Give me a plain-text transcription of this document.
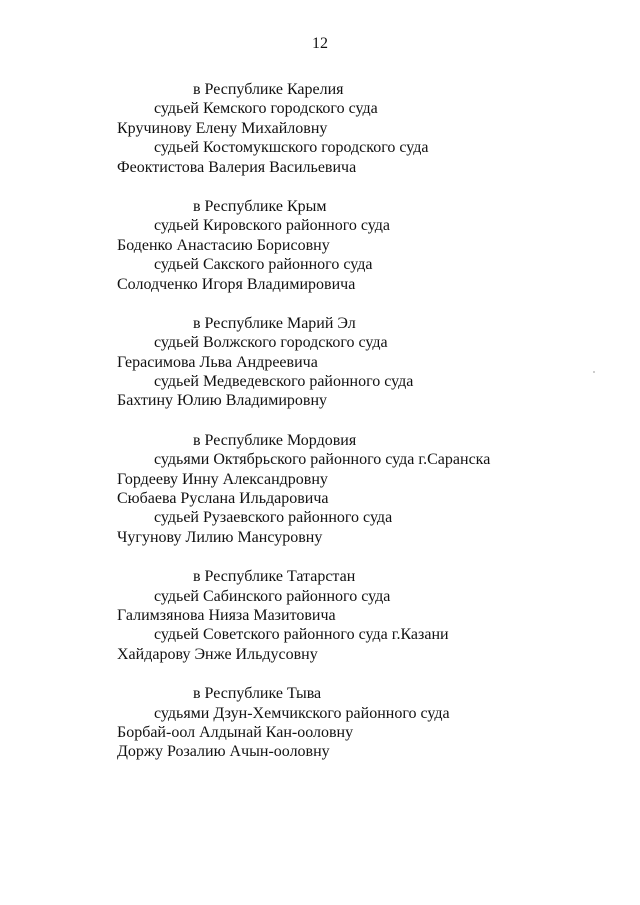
12
в Республике Карелия
судьей Кемского городского суда
Кручинову Елену Михайловну
судьей Костомукшского городского суда
Феоктистова Валерия Васильевича
в Республике Крым
судьей Кировского районного суда
Боденко Анастасию Борисовну
судьей Сакского районного суда
Солодченко Игоря Владимировича
в Республике Марий Эл
судьей Волжского городского суда
Герасимова Льва Андреевича
судьей Медведевского районного суда
Бахтину Юлию Владимировну
в Республике Мордовия
судьями Октябрьского районного суда г.Саранска
Гордееву Инну Александровну
Сюбаева Руслана Ильдаровича
судьей Рузаевского районного суда
Чугунову Лилию Мансуровну
в Республике Татарстан
судьей Сабинского районного суда
Галимзянова Нияза Мазитовича
судьей Советского районного суда г.Казани
Хайдарову Энже Ильдусовну
в Республике Тыва
судьями Дзун-Хемчикского районного суда
Борбай-оол Алдынай Кан-ооловну
Доржу Розалию Ачын-ооловну
